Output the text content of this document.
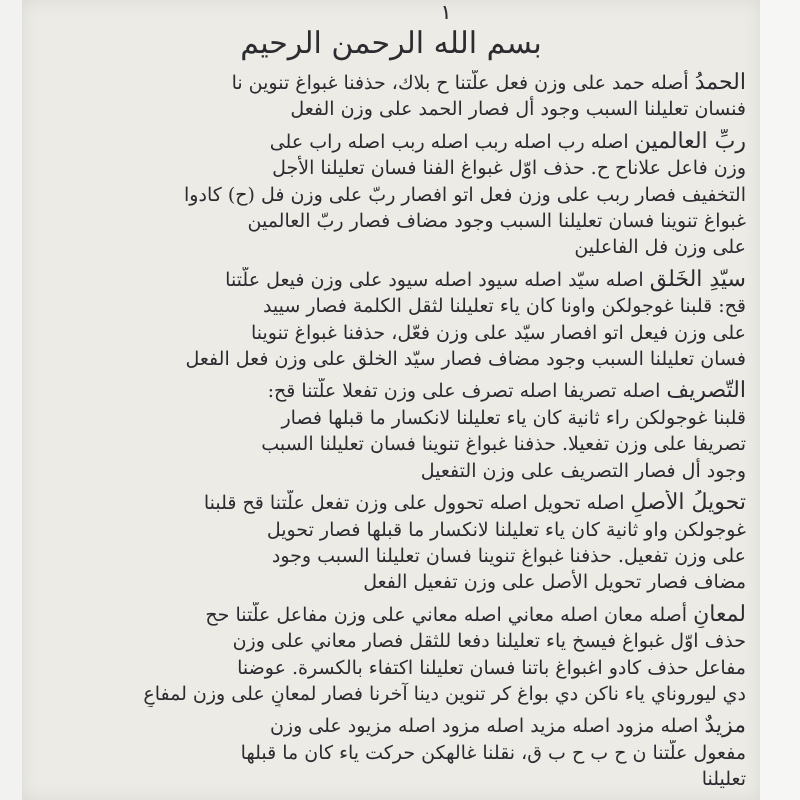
١
بسم الله الرحمن الرحيم
الحمدُ أصله حمد على وزن فعل علّتنا ح بلاك، حذفنا غبواغ تنوين نا
فنسان تعليلنا السبب وجود أل فصار الحمد على وزن الفعل
ربِّ العالمين اصله رب اصله ربب اصله ربب اصله راب على
وزن فاعل علاناح ح. حذف اوّل غبواغ الفنا فسان تعليلنا الأجل
التخفيف فصار ربب على وزن فعل اتو افصار ربّ على وزن فل (ح) كادوا
غبواغ تنوينا فسان تعليلنا السبب وجود مضاف فصار ربّ العالمين
على وزن فل الفاعلين
سيّدِ الخَلقِ اصله سيّد اصله سيود اصله سيود على وزن فيعل علّتنا
قح: قلبنا غوجولكن واونا كان ياء تعليلنا لثقل الكلمة فصار سييد
على وزن فيعل اتو افصار سيّد على وزن فعّل، حذفنا غبواغ تنوينا
فسان تعليلنا السبب وجود مضاف فصار سيّد الخلق على وزن فعل الفعل
التّصريف اصله تصريفا اصله تصرف على وزن تفعلا علّتنا قح:
قلبنا غوجولكن راء ثانية كان ياء تعليلنا لانكسار ما قبلها فصار
تصريفا على وزن تفعيلا. حذفنا غبواغ تنوينا فسان تعليلنا السبب
وجود أل فصار التصريف على وزن التفعيل
تحويلُ الأصلِ اصله تحويل اصله تحوول على وزن تفعل علّتنا قح قلبنا
غوجولكن واو ثانية كان ياء تعليلنا لانكسار ما قبلها فصار تحويل
على وزن تفعيل. حذفنا غبواغ تنوينا فسان تعليلنا السبب وجود
مضاف فصار تحويل الأصل على وزن تفعيل الفعل
لمعانٍ أصله معان اصله معاني اصله معاني على وزن مفاعل علّتنا حح
حذف اوّل غبواغ فيسخ ياء تعليلنا دفعا للثقل فصار معاني على وزن
مفاعل حذف كادو اغبواغ باتنا فسان تعليلنا اكتفاء بالكسرة. عوضنا
دي ليوروناي ياء ناكن دي بواغ كر تنوين دينا آخرنا فصار لمعانٍ على وزن لمفاعٍ
مزيدٌ اصله مزود اصله مزيد اصله مزود اصله مزيود على وزن
مفعول علّتنا ن ح ب ح ب ق، نقلنا غالهكن حركت ياء كان ما قبلها
تعليلنا
